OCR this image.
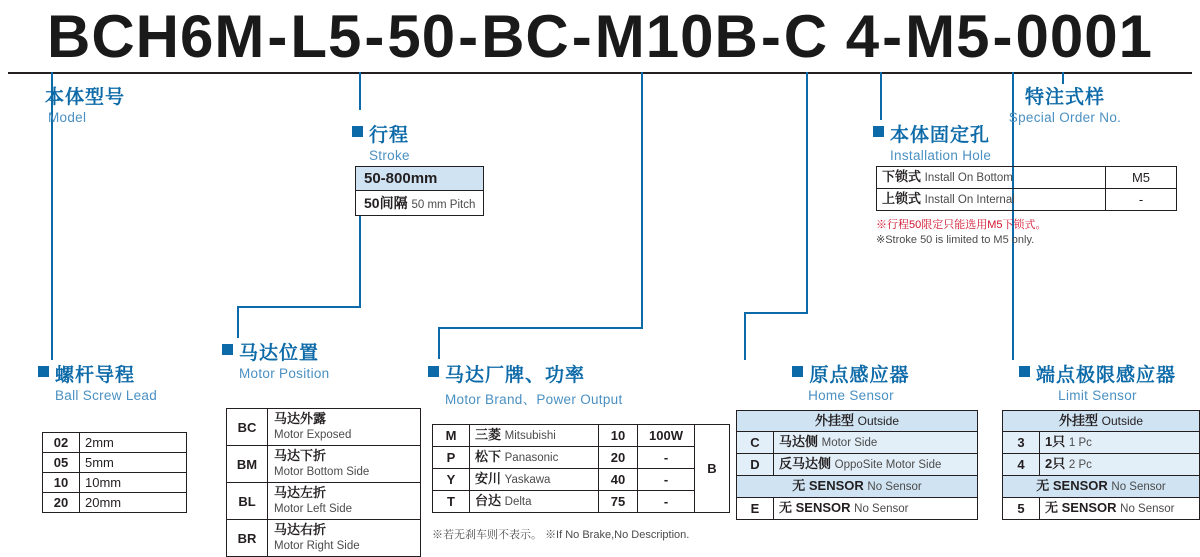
BCH6M-L5-50-BC-M10B-C 4-M5-0001
本体型号
Model
特注式样
Special Order No.
行程
Stroke
50-800mm
50间隔 50 mm Pitch
本体固定孔
Installation Hole
下锁式 Install On Bottom	M5
上锁式 Install On Internal	-
※行程50限定只能选用M5下锁式。
※Stroke 50 is limited to M5 only.
螺杆导程
Ball Screw Lead
02	2mm
05	5mm
10	10mm
20	20mm
马达位置
Motor Position
BC	马达外露
Motor Exposed
BM	马达下折
Motor Bottom Side
BL	马达左折
Motor Left Side
BR	马达右折
Motor Right Side
马达厂牌、功率
Motor Brand、Power Output
M	三菱 Mitsubishi	10	100W	B
P	松下 Panasonic	20	-	
Y	安川 Yaskawa	40	-	
T	台达 Delta	75	-	
※若无刹车则不表示。 ※If No Brake,No Description.
原点感应器
Home Sensor
外挂型 Outside	
C	马达侧 Motor Side
D	反马达侧 OppoSite Motor Side
无 SENSOR No Sensor	
E	无 SENSOR No Sensor
端点极限感应器
Limit Sensor
外挂型 Outside	
3	1只 1 Pc
4	2只 2 Pc
无 SENSOR No Sensor	
5	无 SENSOR No Sensor
